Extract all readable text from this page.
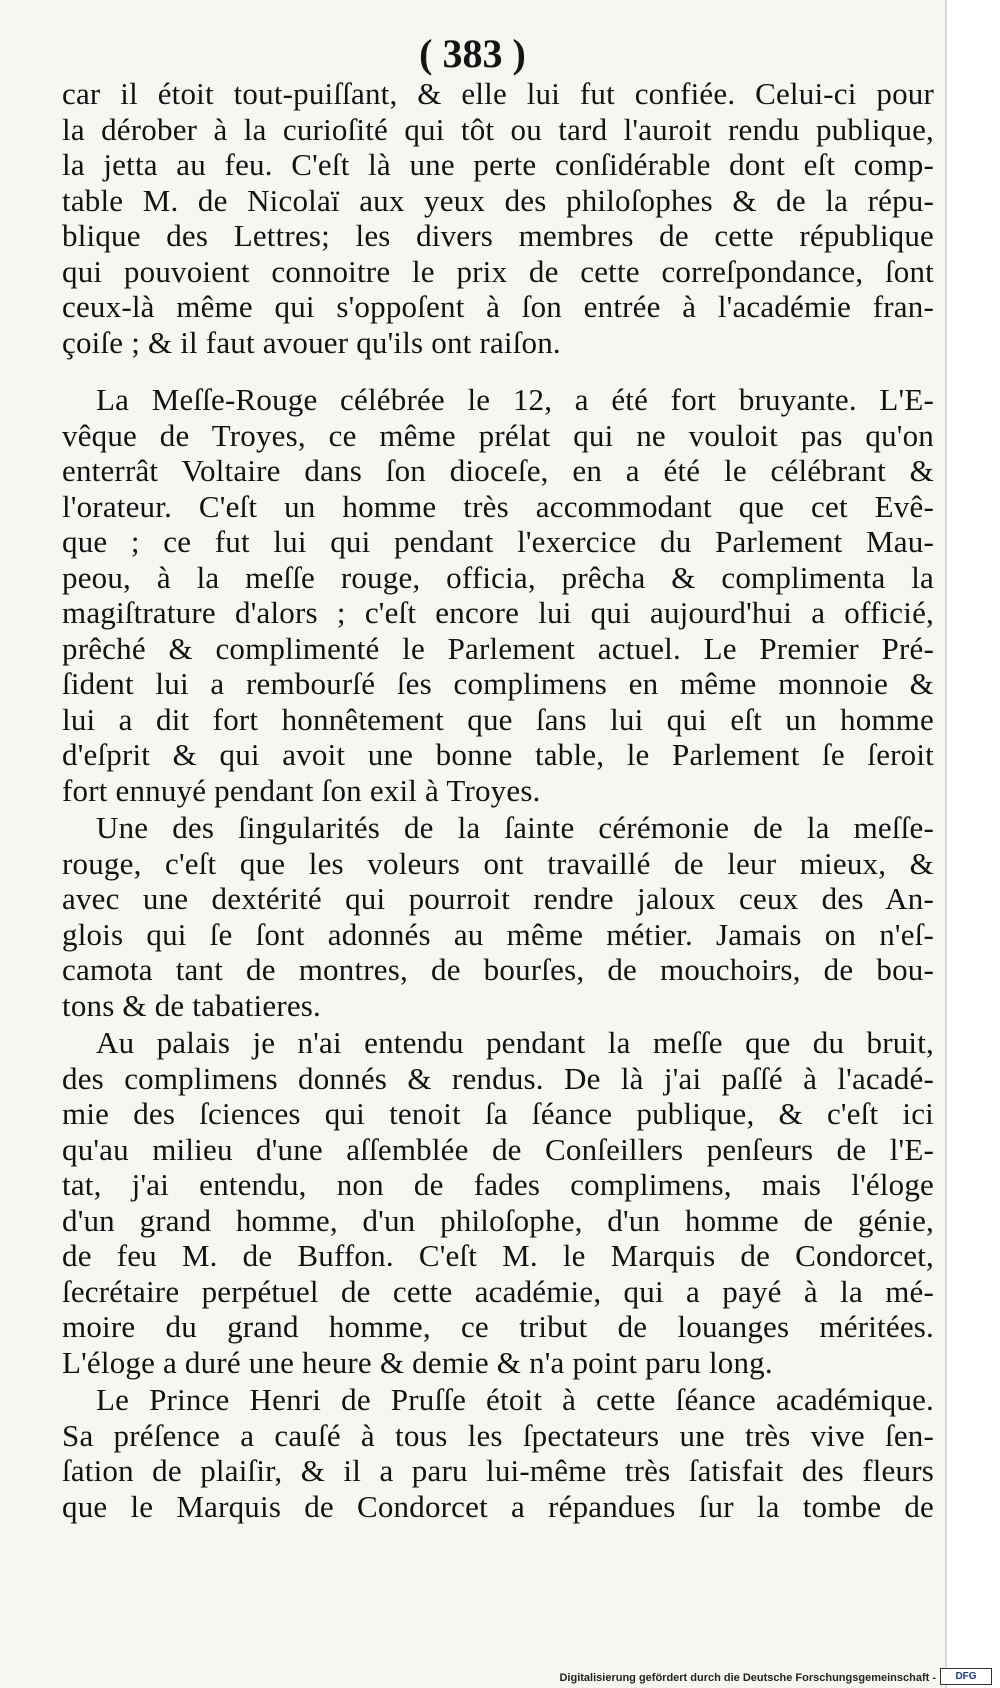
( 383 )
car il étoit tout-puiſſant, & elle lui fut confiée. Celui-ci pour
la dérober à la curioſité qui tôt ou tard l'auroit rendu publique,
la jetta au feu. C'eſt là une perte conſidérable dont eſt comp-
table M. de Nicolaï aux yeux des philoſophes & de la répu-
blique des Lettres; les divers membres de cette république
qui pouvoient connoitre le prix de cette correſpondance, ſont
ceux-là même qui s'oppoſent à ſon entrée à l'académie fran-
çoiſe ; & il faut avouer qu'ils ont raiſon.
La Meſſe-Rouge célébrée le 12, a été fort bruyante. L'E-
vêque de Troyes, ce même prélat qui ne vouloit pas qu'on
enterrât Voltaire dans ſon dioceſe, en a été le célébrant &
l'orateur. C'eſt un homme très accommodant que cet Evê-
que ; ce fut lui qui pendant l'exercice du Parlement Mau-
peou, à la meſſe rouge, officia, prêcha & complimenta la
magiſtrature d'alors ; c'eſt encore lui qui aujourd'hui a officié,
prêché & complimenté le Parlement actuel. Le Premier Pré-
ſident lui a rembourſé ſes complimens en même monnoie &
lui a dit fort honnêtement que ſans lui qui eſt un homme
d'eſprit & qui avoit une bonne table, le Parlement ſe ſeroit
fort ennuyé pendant ſon exil à Troyes.
Une des ſingularités de la ſainte cérémonie de la meſſe-
rouge, c'eſt que les voleurs ont travaillé de leur mieux, &
avec une dextérité qui pourroit rendre jaloux ceux des An-
glois qui ſe ſont adonnés au même métier. Jamais on n'eſ-
camota tant de montres, de bourſes, de mouchoirs, de bou-
tons & de tabatieres.
Au palais je n'ai entendu pendant la meſſe que du bruit,
des complimens donnés & rendus. De là j'ai paſſé à l'acadé-
mie des ſciences qui tenoit ſa ſéance publique, & c'eſt ici
qu'au milieu d'une aſſemblée de Conſeillers penſeurs de l'E-
tat, j'ai entendu, non de fades complimens, mais l'éloge
d'un grand homme, d'un philoſophe, d'un homme de génie,
de feu M. de Buffon. C'eſt M. le Marquis de Condorcet,
ſecrétaire perpétuel de cette académie, qui a payé à la mé-
moire du grand homme, ce tribut de louanges méritées.
L'éloge a duré une heure & demie & n'a point paru long.
Le Prince Henri de Pruſſe étoit à cette ſéance académique.
Sa préſence a cauſé à tous les ſpectateurs une très vive ſen-
ſation de plaiſir, & il a paru lui-même très ſatisfait des fleurs
que le Marquis de Condorcet a répandues ſur la tombe de
Digitalisierung gefördert durch die Deutsche Forschungsgemeinschaft -	DFG
